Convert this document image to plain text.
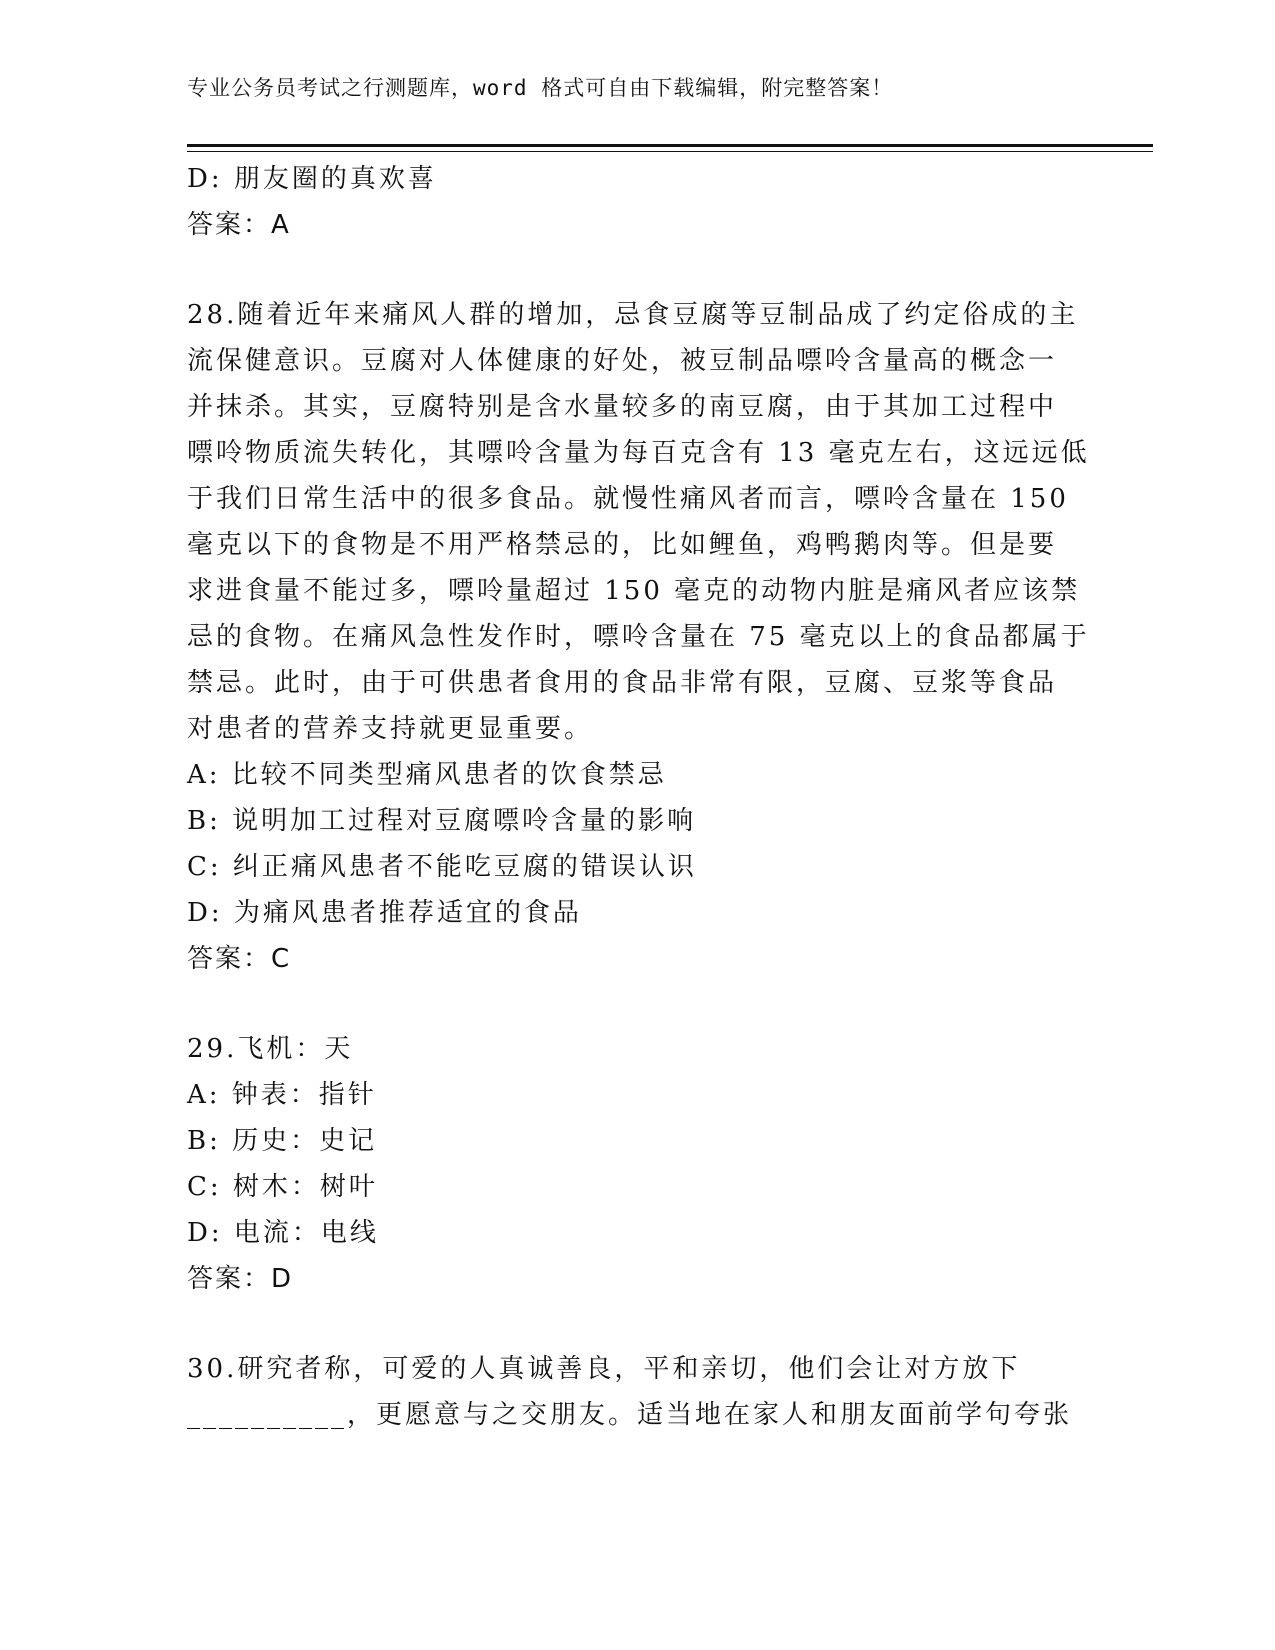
专业公务员考试之行测题库，word 格式可自由下载编辑，附完整答案！
D: 朋友圈的真欢喜
答案：A
28.随着近年来痛风人群的增加，忌食豆腐等豆制品成了约定俗成的主
流保健意识。豆腐对人体健康的好处，被豆制品嘌呤含量高的概念一
并抹杀。其实，豆腐特别是含水量较多的南豆腐，由于其加工过程中
嘌呤物质流失转化，其嘌呤含量为每百克含有 13 毫克左右，这远远低
于我们日常生活中的很多食品。就慢性痛风者而言，嘌呤含量在 150
毫克以下的食物是不用严格禁忌的，比如鲤鱼，鸡鸭鹅肉等。但是要
求进食量不能过多，嘌呤量超过 150 毫克的动物内脏是痛风者应该禁
忌的食物。在痛风急性发作时，嘌呤含量在 75 毫克以上的食品都属于
禁忌。此时，由于可供患者食用的食品非常有限，豆腐、豆浆等食品
对患者的营养支持就更显重要。
A: 比较不同类型痛风患者的饮食禁忌
B: 说明加工过程对豆腐嘌呤含量的影响
C: 纠正痛风患者不能吃豆腐的错误认识
D: 为痛风患者推荐适宜的食品
答案：C
29.飞机：天
A: 钟表：指针
B: 历史：史记
C: 树木：树叶
D: 电流：电线
答案：D
30.研究者称，可爱的人真诚善良，平和亲切，他们会让对方放下
__________，更愿意与之交朋友。适当地在家人和朋友面前学句夸张
